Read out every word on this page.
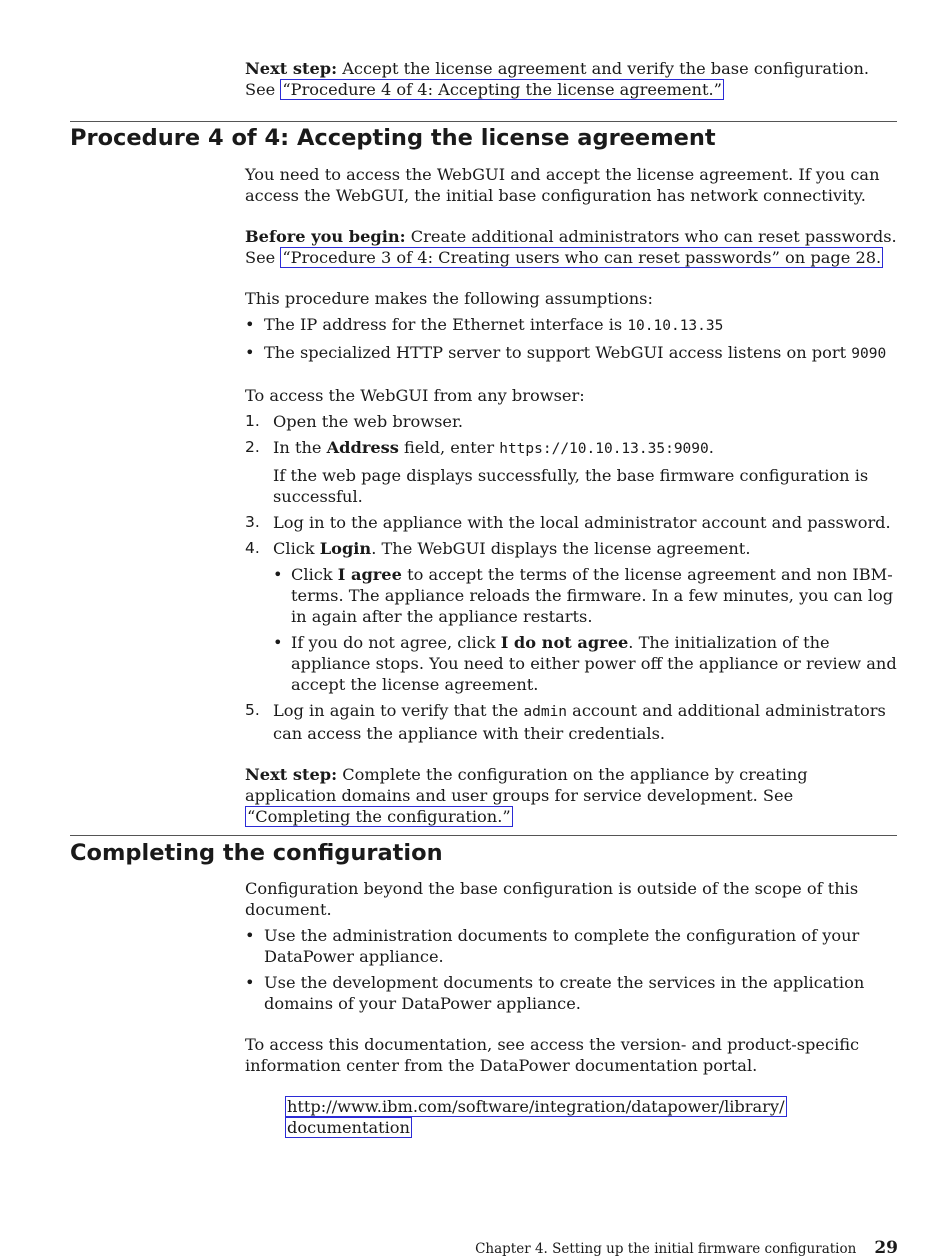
Next step: Accept the license agreement and verify the base configuration. See “Procedure 4 of 4: Accepting the license agreement.”

Procedure 4 of 4: Accepting the license agreement

You need to access the WebGUI and accept the license agreement. If you can access the WebGUI, the initial base configuration has network connectivity.

Before you begin: Create additional administrators who can reset passwords. See “Procedure 3 of 4: Creating users who can reset passwords” on page 28.

This procedure makes the following assumptions:

• The IP address for the Ethernet interface is 10.10.13.35
• The specialized HTTP server to support WebGUI access listens on port 9090

To access the WebGUI from any browser:

1. Open the web browser.
2. In the Address field, enter https://10.10.13.35:9090.

If the web page displays successfully, the base firmware configuration is successful.

3. Log in to the appliance with the local administrator account and password.
4. Click Login. The WebGUI displays the license agreement.
• Click I agree to accept the terms of the license agreement and non IBM-terms. The appliance reloads the firmware. In a few minutes, you can log in again after the appliance restarts.
• If you do not agree, click I do not agree. The initialization of the appliance stops. You need to either power off the appliance or review and accept the license agreement.
5. Log in again to verify that the admin account and additional administrators can access the appliance with their credentials.

Next step: Complete the configuration on the appliance by creating application domains and user groups for service development. See “Completing the configuration.”

Completing the configuration

Configuration beyond the base configuration is outside of the scope of this document.

• Use the administration documents to complete the configuration of your DataPower appliance.
• Use the development documents to create the services in the application domains of your DataPower appliance.

To access this documentation, see access the version- and product-specific information center from the DataPower documentation portal.

http://www.ibm.com/software/integration/datapower/library/
documentation

Chapter 4. Setting up the initial firmware configuration 29
